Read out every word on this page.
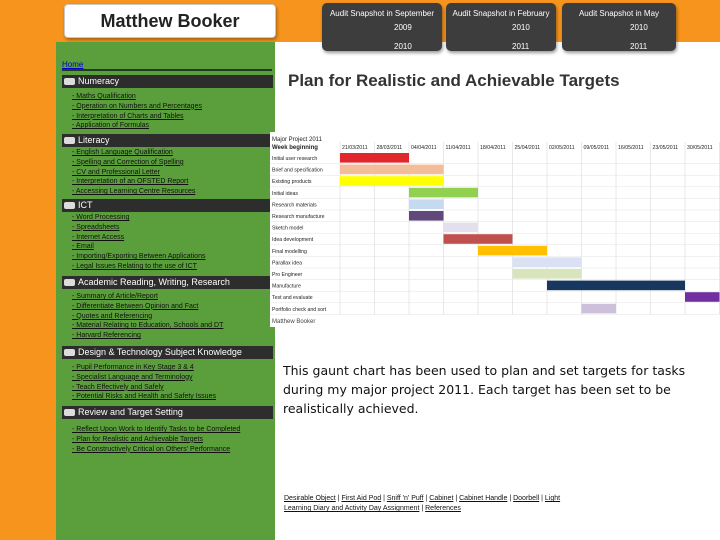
Matthew Booker	Audit Snapshot in September
2009
2010
Audit Snapshot in February
2010
2011
Audit Snapshot in May
2010
2011
Home
Numeracy
- Maths Qualification
- Operation on Numbers and Percentages
- Interpretation of Charts and Tables
- Application of Formulas
Literacy
- English Language Qualification
- Spelling and Correction of Spelling
- CV and Professional Letter
- Interpretation of an OFSTED Report
- Accessing Learning Centre Resources
ICT
- Word Processing
- Spreadsheets
- Internet Access
- Email
- Importing/Exporting Between Applications
- Legal Issues Relating to the use of ICT
Academic Reading, Writing, Research
- Summary of Article/Report
- Differentiate Between Opinion and Fact
- Quotes and Referencing
- Material Relating to Education, Schools and DT
- Harvard Referencing
Design & Technology Subject Knowledge
- Pupil Performance in Key Stage 3 & 4
- Specialist Language and Terminology
- Teach Effectively and Safely
- Potential Risks and Health and Safety Issues
Review and Target Setting
- Reflect Upon Work to Identify Tasks to be Completed
- Plan for Realistic and Achievable Targets
- Be Constructively Critical on Others' Performance
Plan for Realistic and Achievable Targets
Major Project 2011
Week beginning	21/03/2011 28/03/2011 04/04/2011 11/04/2011 18/04/2011 25/04/2011 02/05/2011 09/05/2011 16/05/2011 23/05/2011 30/05/2011
Initial user research
Brief and specification
Existing products
Initial ideas
Research materials
Research manufacture
Sketch model
Idea development
Final modelling
Parallax idea
Pro Engineer
Manufacture
Test and evaluate
Portfolio check and sort
Matthew Booker
This gaunt chart has been used to plan and set targets for tasks during my major project 2011. Each target has been set to be realistically achieved.
Desirable Object | First Aid Pod | Sniff 'n' Puff | Cabinet | Cabinet Handle | Doorbell | Light
Learning Diary and Activity Day Assignment | References
